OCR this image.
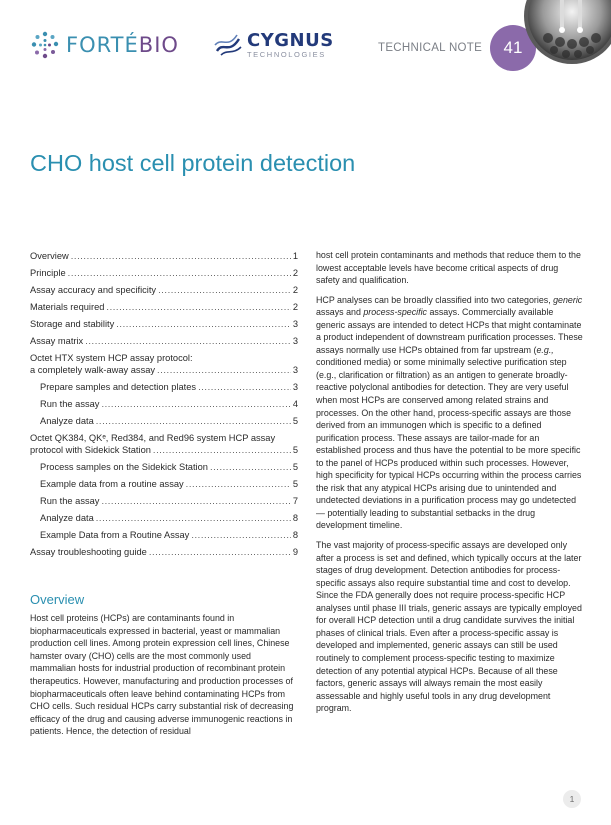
FORTÉBIO	CYGNUS
TECHNOLOGIES
TECHNICAL NOTE	41
CHO host cell protein detection
Overview . . .	1
Principle . . .	2
Assay accuracy and specificity . . .	2
Materials required . . .	2
Storage and stability . . .	3
Assay matrix . . .	3
Octet HTX system HCP assay protocol:
a completely walk-away assay . . .	3
Prepare samples and detection plates . . .	3
Run the assay . . .	4
Analyze data . . .	5
Octet QK384, QKᵉ, Red384, and Red96 system HCP assay
protocol with Sidekick Station . . .	5
Process samples on the Sidekick Station . . .	5
Example data from a routine assay . . .	5
Run the assay . . .	7
Analyze data . . .	8
Example Data from a Routine Assay . . .	8
Assay troubleshooting guide . . .	9
Overview

Host cell proteins (HCPs) are contaminants found in biopharmaceuticals expressed in bacterial, yeast or mammalian production cell lines. Among protein expression cell lines, Chinese hamster ovary (CHO) cells are the most commonly used mammalian hosts for industrial production of recombinant protein therapeutics. However, manufacturing and production processes of biopharmaceuticals often leave behind contaminating HCPs from CHO cells. Such residual HCPs carry substantial risk of decreasing efficacy of the drug and causing adverse immunogenic reactions in patients. Hence, the detection of residual

host cell protein contaminants and methods that reduce them to the lowest acceptable levels have become critical aspects of drug safety and qualification.

HCP analyses can be broadly classified into two categories, generic assays and process-specific assays. Commercially available generic assays are intended to detect HCPs that might contaminate a product independent of downstream purification processes. These assays normally use HCPs obtained from far upstream (e.g., conditioned media) or some minimally selective purification step (e.g., clarification or filtration) as an antigen to generate broadly-reactive polyclonal antibodies for detection. They are very useful when most HCPs are conserved among related strains and processes. On the other hand, process-specific assays are those derived from an immunogen which is specific to a defined purification process. These assays are tailor-made for an established process and thus have the potential to be more specific to the panel of HCPs produced within such processes. However, high specificity for typical HCPs occurring within the process carries the risk that any atypical HCPs arising due to unintended and undetected deviations in a purification process may go undetected — potentially leading to substantial setbacks in the drug development timeline.

The vast majority of process-specific assays are developed only after a process is set and defined, which typically occurs at the later stages of drug development. Detection antibodies for process-specific assays also require substantial time and cost to develop. Since the FDA generally does not require process-specific HCP analyses until phase III trials, generic assays are typically employed for overall HCP detection until a drug candidate survives the initial phases of clinical trials. Even after a process-specific assay is developed and implemented, generic assays can still be used routinely to complement process-specific testing to maximize detection of any potential atypical HCPs. Because of all these factors, generic assays will always remain the most easily assessable and highly useful tools in any drug development program.

1
